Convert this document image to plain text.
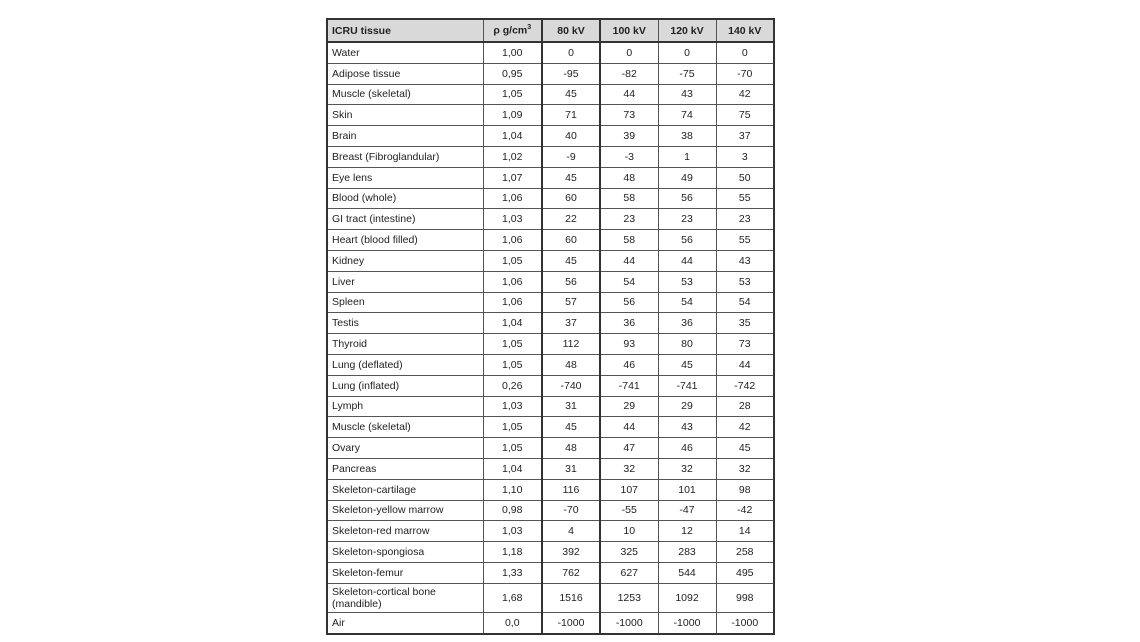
ICRU tissue	ρ $g/cm^3$	80 kV	100 kV	120 kV	140 kV
Water	1,00	0	0	0	0
Adipose tissue	0,95	-95	-82	-75	-70
Muscle (skeletal)	1,05	45	44	43	42
Skin	1,09	71	73	74	75
Brain	1,04	40	39	38	37
Breast (Fibroglandular)	1,02	-9	-3	1	3
Eye lens	1,07	45	48	49	50
Blood (whole)	1,06	60	58	56	55
GI tract (intestine)	1,03	22	23	23	23
Heart (blood filled)	1,06	60	58	56	55
Kidney	1,05	45	44	44	43
Liver	1,06	56	54	53	53
Spleen	1,06	57	56	54	54
Testis	1,04	37	36	36	35
Thyroid	1,05	112	93	80	73
Lung (deflated)	1,05	48	46	45	44
Lung (inflated)	0,26	-740	-741	-741	-742
Lymph	1,03	31	29	29	28
Muscle (skeletal)	1,05	45	44	43	42
Ovary	1,05	48	47	46	45
Pancreas	1,04	31	32	32	32
Skeleton-cartilage	1,10	116	107	101	98
Skeleton-yellow marrow	0,98	-70	-55	-47	-42
Skeleton-red marrow	1,03	4	10	12	14
Skeleton-spongiosa	1,18	392	325	283	258
Skeleton-femur	1,33	762	627	544	495
Skeleton-cortical bone (mandible)	1,68	1516	1253	1092	998
Air	0,0	-1000	-1000	-1000	-1000
